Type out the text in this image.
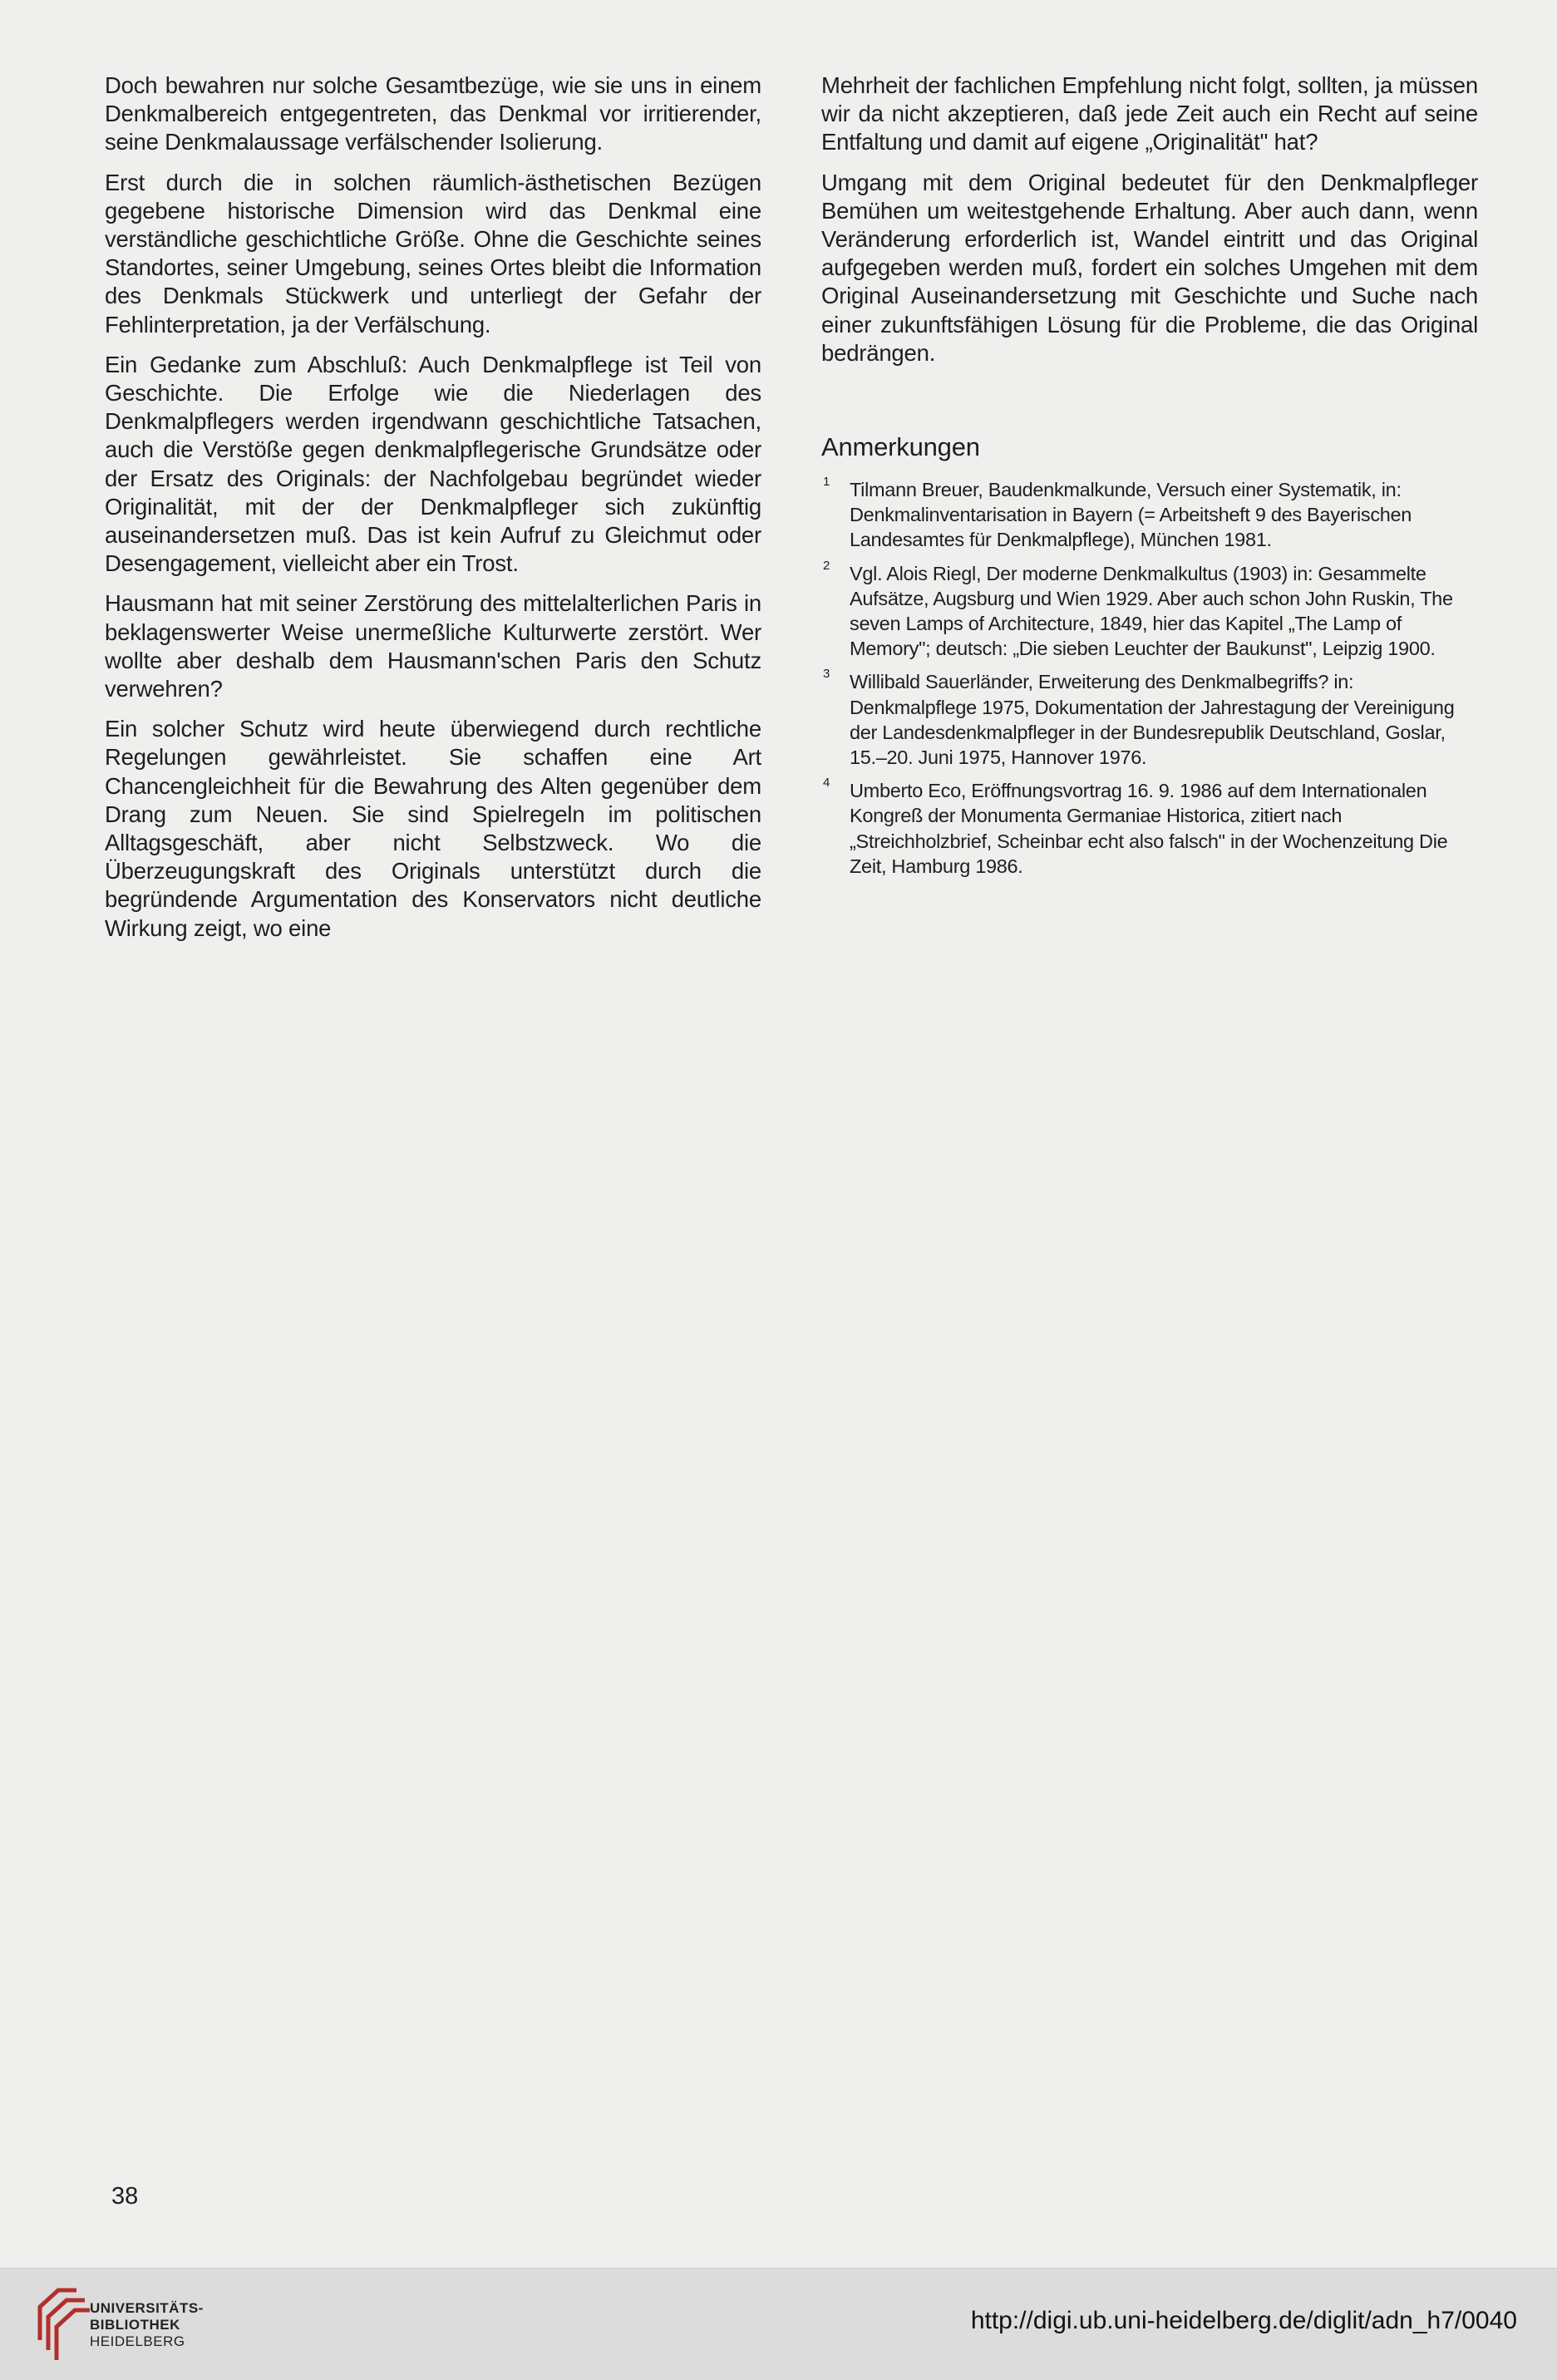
Doch bewahren nur solche Gesamtbezüge, wie sie uns in einem Denkmalbereich entgegentreten, das Denkmal vor irritierender, seine Denkmalaussage verfälschender Isolierung.

Erst durch die in solchen räumlich-ästhetischen Bezügen gegebene historische Dimension wird das Denkmal eine verständliche geschichtliche Größe. Ohne die Geschichte seines Standortes, seiner Umgebung, seines Ortes bleibt die Information des Denkmals Stückwerk und unterliegt der Gefahr der Fehlinterpretation, ja der Verfälschung.

Ein Gedanke zum Abschluß: Auch Denkmalpflege ist Teil von Geschichte. Die Erfolge wie die Niederlagen des Denkmalpflegers werden irgendwann geschichtliche Tatsachen, auch die Verstöße gegen denkmalpflegerische Grundsätze oder der Ersatz des Originals: der Nachfolgebau begründet wieder Originalität, mit der der Denkmalpfleger sich zukünftig auseinandersetzen muß. Das ist kein Aufruf zu Gleichmut oder Desengagement, vielleicht aber ein Trost.

Hausmann hat mit seiner Zerstörung des mittelalterlichen Paris in beklagenswerter Weise unermeßliche Kulturwerte zerstört. Wer wollte aber deshalb dem Hausmann'schen Paris den Schutz verwehren?

Ein solcher Schutz wird heute überwiegend durch rechtliche Regelungen gewährleistet. Sie schaffen eine Art Chancengleichheit für die Bewahrung des Alten gegenüber dem Drang zum Neuen. Sie sind Spielregeln im politischen Alltagsgeschäft, aber nicht Selbstzweck. Wo die Überzeugungskraft des Originals unterstützt durch die begründende Argumentation des Konservators nicht deutliche Wirkung zeigt, wo eine

Mehrheit der fachlichen Empfehlung nicht folgt, sollten, ja müssen wir da nicht akzeptieren, daß jede Zeit auch ein Recht auf seine Entfaltung und damit auf eigene „Originalität" hat?

Umgang mit dem Original bedeutet für den Denkmalpfleger Bemühen um weitestgehende Erhaltung. Aber auch dann, wenn Veränderung erforderlich ist, Wandel eintritt und das Original aufgegeben werden muß, fordert ein solches Umgehen mit dem Original Auseinandersetzung mit Geschichte und Suche nach einer zukunftsfähigen Lösung für die Probleme, die das Original bedrängen.

Anmerkungen
1 Tilmann Breuer, Baudenkmalkunde, Versuch einer Systematik, in: Denkmalinventarisation in Bayern (= Arbeitsheft 9 des Bayerischen Landesamtes für Denkmalpflege), München 1981.
2 Vgl. Alois Riegl, Der moderne Denkmalkultus (1903) in: Gesammelte Aufsätze, Augsburg und Wien 1929. Aber auch schon John Ruskin, The seven Lamps of Architecture, 1849, hier das Kapitel „The Lamp of Memory"; deutsch: „Die sieben Leuchter der Baukunst", Leipzig 1900.
3 Willibald Sauerländer, Erweiterung des Denkmalbegriffs? in: Denkmalpflege 1975, Dokumentation der Jahrestagung der Vereinigung der Landesdenkmalpfleger in der Bundesrepublik Deutschland, Goslar, 15.–20. Juni 1975, Hannover 1976.
4 Umberto Eco, Eröffnungsvortrag 16. 9. 1986 auf dem Internationalen Kongreß der Monumenta Germaniae Historica, zitiert nach „Streichholzbrief, Scheinbar echt also falsch" in der Wochenzeitung Die Zeit, Hamburg 1986.
38
UNIVERSITÄTS-
BIBLIOTHEK
HEIDELBERG
http://digi.ub.uni-heidelberg.de/diglit/adn_h7/0040
